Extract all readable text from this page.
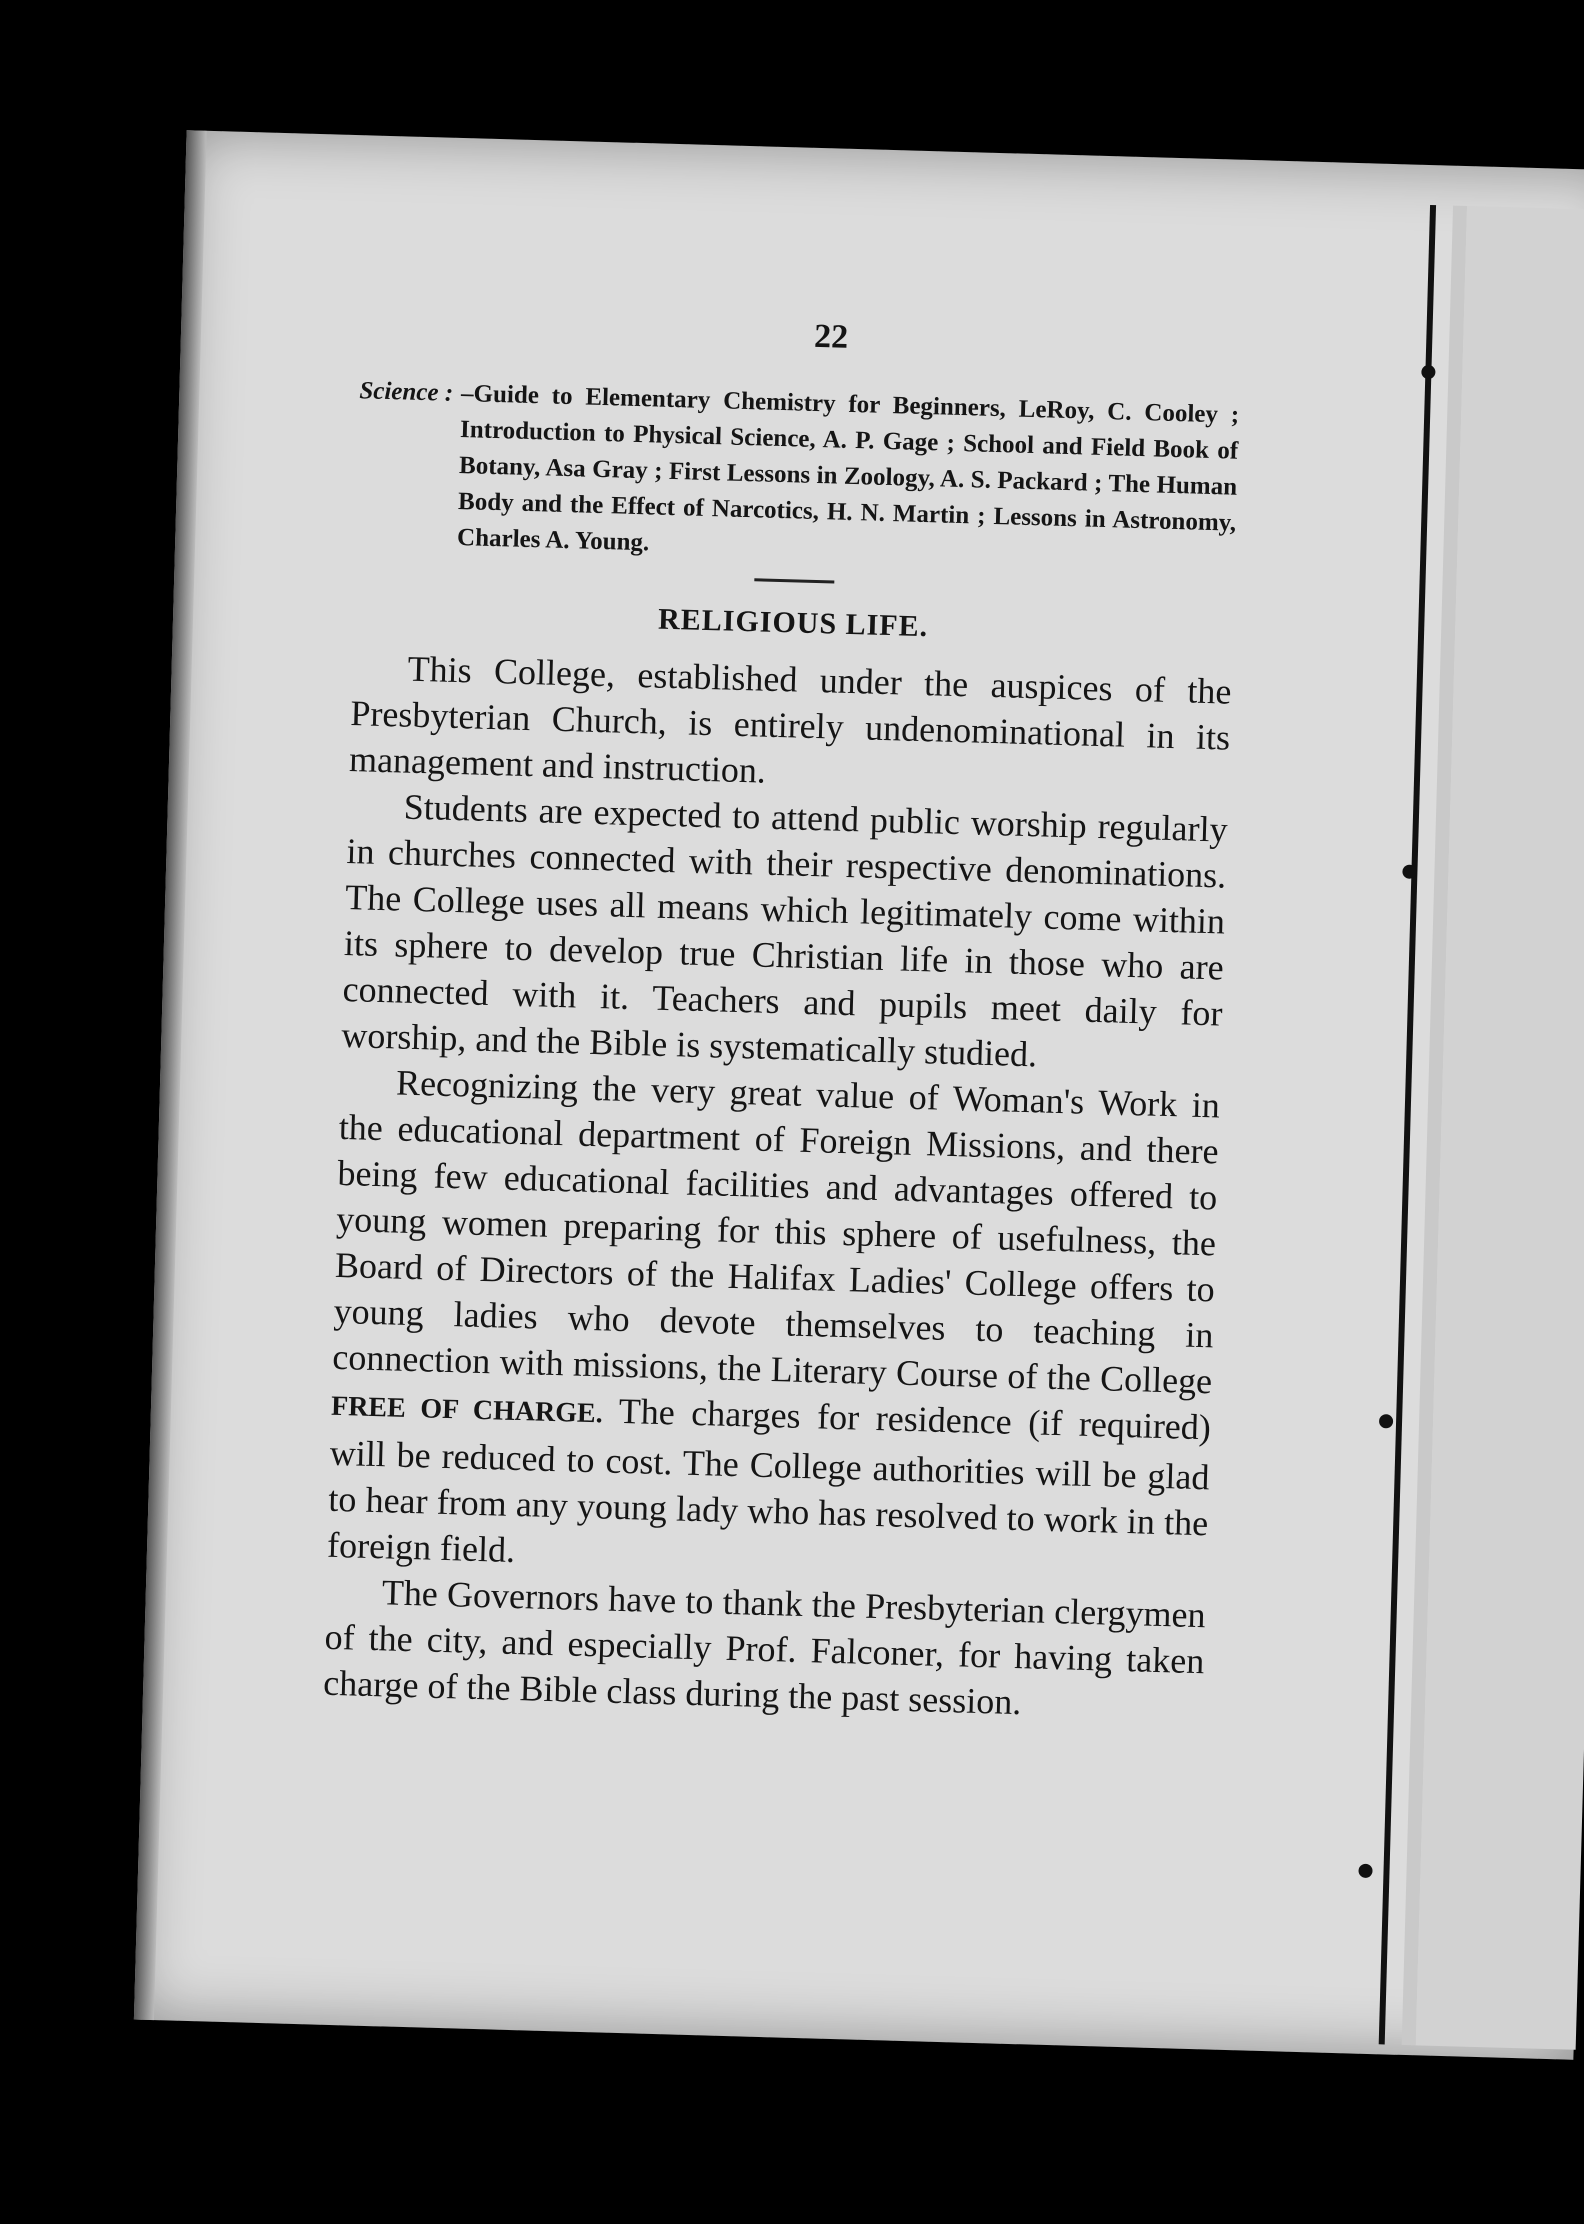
22
Science : –Guide to Elementary Chemistry for Beginners, LeRoy, C. Cooley ; Introduction to Physical Science, A. P. Gage ; School and Field Book of Botany, Asa Gray ; First Lessons in Zoology, A. S. Packard ; The Human Body and the Effect of Narcotics, H. N. Martin ; Lessons in Astronomy, Charles A. Young.
RELIGIOUS LIFE.

This College, established under the auspices of the Presbyterian Church, is entirely undenominational in its management and instruction.

Students are expected to attend public worship regularly in churches connected with their respective denominations. The College uses all means which legitimately come within its sphere to develop true Christian life in those who are connected with it. Teachers and pupils meet daily for worship, and the Bible is systematically studied.

Recognizing the very great value of Woman's Work in the educational department of Foreign Missions, and there being few educational facilities and advantages offered to young women preparing for this sphere of usefulness, the Board of Directors of the Halifax Ladies' College offers to young ladies who devote themselves to teaching in connection with missions, the Literary Course of the College FREE OF CHARGE. The charges for residence (if required) will be reduced to cost. The College authorities will be glad to hear from any young lady who has resolved to work in the foreign field.

The Governors have to thank the Presbyterian clergymen of the city, and especially Prof. Falconer, for having taken charge of the Bible class during the past session.
